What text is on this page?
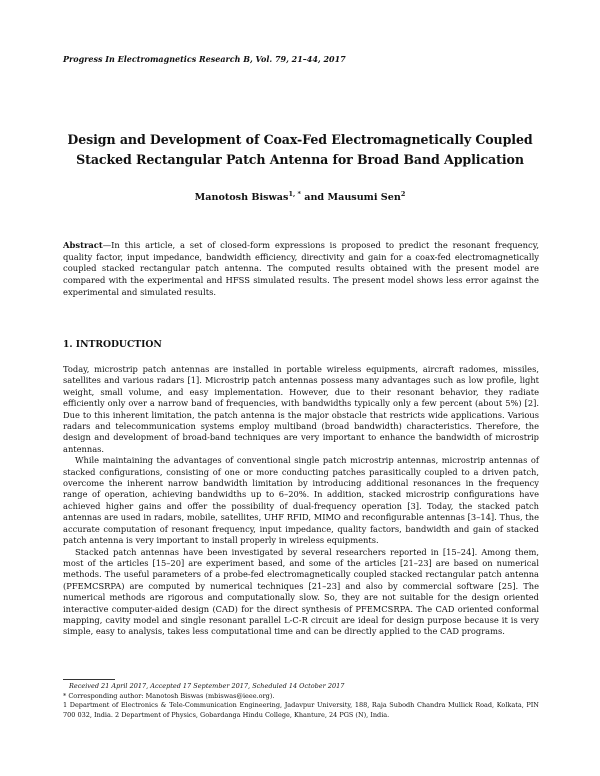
Progress In Electromagnetics Research B, Vol. 79, 21–44, 2017
Design and Development of Coax-Fed Electromagnetically Coupled
Stacked Rectangular Patch Antenna for Broad Band Application
Manotosh Biswas$^{1, *}$ and Mausumi Sen$^2$
Abstract—In this article, a set of closed-form expressions is proposed to predict the resonant frequency, quality factor, input impedance, bandwidth efficiency, directivity and gain for a coax-fed electromagnetically coupled stacked rectangular patch antenna. The computed results obtained with the present model are compared with the experimental and HFSS simulated results. The present model shows less error against the experimental and simulated results.
1. INTRODUCTION

Today, microstrip patch antennas are installed in portable wireless equipments, aircraft radomes, missiles, satellites and various radars [1]. Microstrip patch antennas possess many advantages such as low profile, light weight, small volume, and easy implementation. However, due to their resonant behavior, they radiate efficiently only over a narrow band of frequencies, with bandwidths typically only a few percent (about 5%) [2]. Due to this inherent limitation, the patch antenna is the major obstacle that restricts wide applications. Various radars and telecommunication systems employ multiband (broad bandwidth) characteristics. Therefore, the design and development of broad-band techniques are very important to enhance the bandwidth of microstrip antennas.

While maintaining the advantages of conventional single patch microstrip antennas, microstrip antennas of stacked configurations, consisting of one or more conducting patches parasitically coupled to a driven patch, overcome the inherent narrow bandwidth limitation by introducing additional resonances in the frequency range of operation, achieving bandwidths up to 6–20%. In addition, stacked microstrip configurations have achieved higher gains and offer the possibility of dual-frequency operation [3]. Today, the stacked patch antennas are used in radars, mobile, satellites, UHF RFID, MIMO and reconfigurable antennas [3–14]. Thus, the accurate computation of resonant frequency, input impedance, quality factors, bandwidth and gain of stacked patch antenna is very important to install properly in wireless equipments.

Stacked patch antennas have been investigated by several researchers reported in [15–24]. Among them, most of the articles [15–20] are experiment based, and some of the articles [21–23] are based on numerical methods. The useful parameters of a probe-fed electromagnetically coupled stacked rectangular patch antenna (PFEMCSRPA) are computed by numerical techniques [21–23] and also by commercial software [25]. The numerical methods are rigorous and computationally slow. So, they are not suitable for the design oriented interactive computer-aided design (CAD) for the direct synthesis of PFEMCSRPA. The CAD oriented conformal mapping, cavity model and single resonant parallel L-C-R circuit are ideal for design purpose because it is very simple, easy to analysis, takes less computational time and can be directly applied to the CAD programs.

Received 21 April 2017, Accepted 17 September 2017, Scheduled 14 October 2017

* Corresponding author: Manotosh Biswas (mbiswas@ieee.org).

1 Department of Electronics & Tele-Communication Engineering, Jadavpur University, 188, Raja Subodh Chandra Mullick Road, Kolkata, PIN 700 032, India. 2 Department of Physics, Gobardanga Hindu College, Khanture, 24 PGS (N), India.
